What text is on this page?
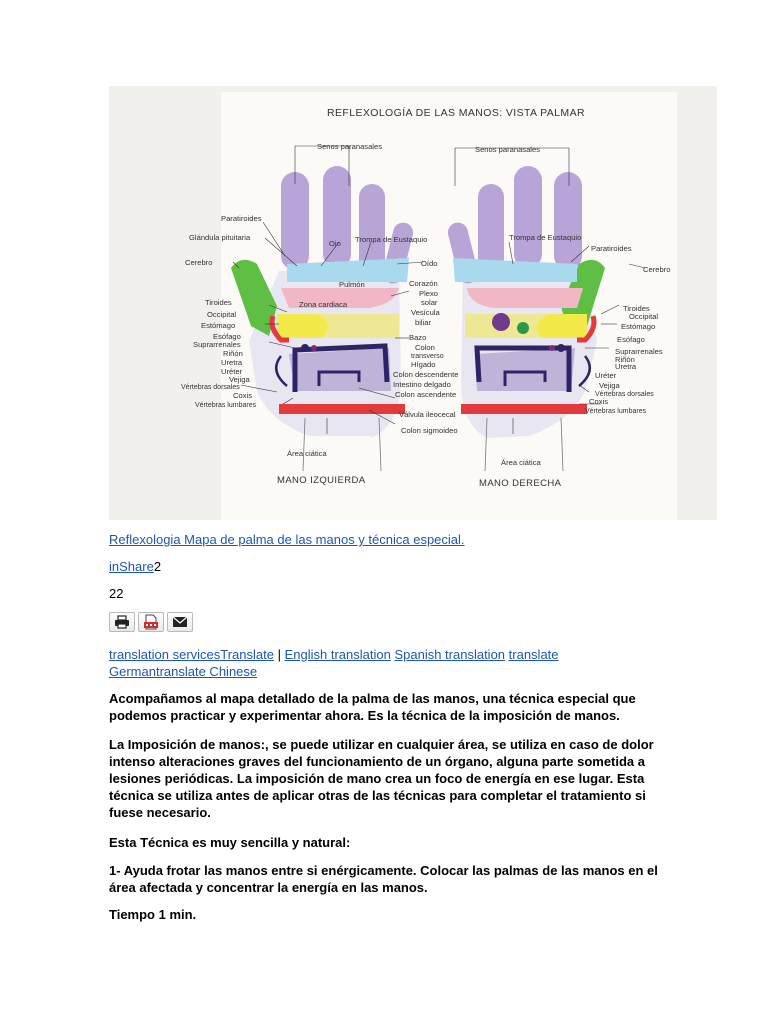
REFLEXOLOGÍA DE LAS MANOS: VISTA PALMAR
Senos paranasales
Paratiroides
Glándula pituitaria
Ojo Trompa de Eustaquio
Oído
Cerebro
Pulmón
Zona cardiaca
Corazón
Plexo
solar
Vesícula
biliar
Tiroides
Occipital
Estómago
Esófago
Suprarrenales
Riñón
Uretra
Uréter
Vejiga
Vértebras dorsales
Coxis
Vértebras lumbares
Bazo
Colon
transverso
Hígado
Colon descendente
Intestino delgado
Colon ascendente
Válvula ileocecal
Colon sigmoideo
Área ciática
Senos paranasales
Trompa de Eustaquio
Paratiroides
Cerebro
Tiroides
Occipital
Estómago
Esófago
Suprarrenales
Riñón
Uretra
Uréter
Vejiga
Vértebras dorsales
Coxis
Vértebras lumbares
Área ciática
MANO IZQUIERDA	MANO DERECHA
Reflexologia Mapa de palma de las manos y técnica especial.
inShare2
22
translation servicesTranslate | English translation Spanish translation translate
Germantranslate Chinese
Acompañamos al mapa detallado de la palma de las manos, una técnica especial que podemos practicar y experimentar ahora. Es la técnica de la imposición de manos.
La Imposición de manos:, se puede utilizar en cualquier área, se utiliza en caso de dolor intenso alteraciones graves del funcionamiento de un órgano, alguna parte sometida a lesiones periódicas. La imposición de mano crea un foco de energía en ese lugar. Esta técnica se utiliza antes de aplicar otras de las técnicas para completar el tratamiento si fuese necesario.
Esta Técnica es muy sencilla y natural:
1- Ayuda frotar las manos entre si enérgicamente. Colocar las palmas de las manos en el área afectada y concentrar la energía en las manos.
Tiempo 1 min.
